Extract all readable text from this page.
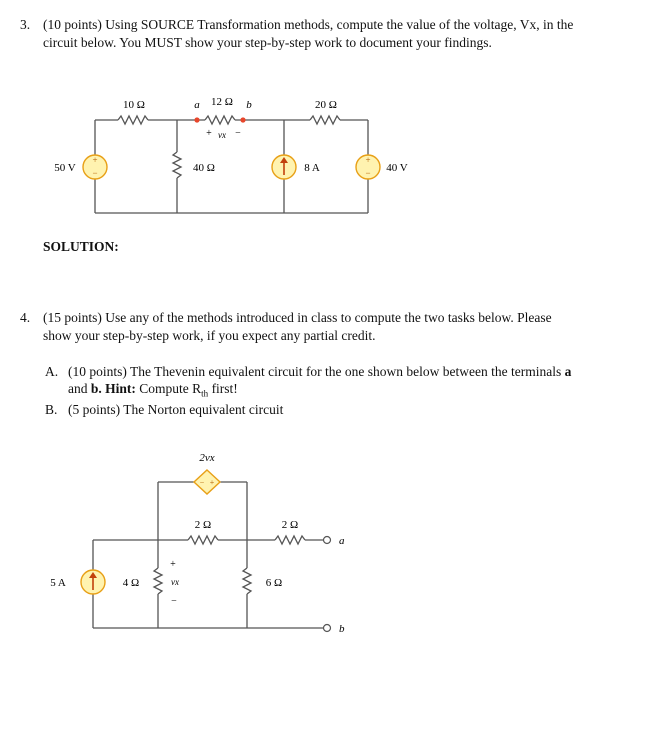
3. (10 points) Using SOURCE Transformation methods, compute the value of the voltage, Vx, in the
circuit below. You MUST show your step-by-step work to document your findings.
+
−
+
−
10 Ω	a 12 Ω b	20 Ω
+ vx −
50 V	40 Ω	8 A	40 V
− +
2vx
2 Ω	2 Ω
5 A	4 Ω	6 Ω
+
vx
−
a
b
SOLUTION:
4. (15 points) Use any of the methods introduced in class to compute the two tasks below. Please
show your step-by-step work, if you expect any partial credit.
A. (10 points) The Thevenin equivalent circuit for the one shown below between the terminals a
and b. Hint: Compute $R_{th}$ first!
B. (5 points) The Norton equivalent circuit
